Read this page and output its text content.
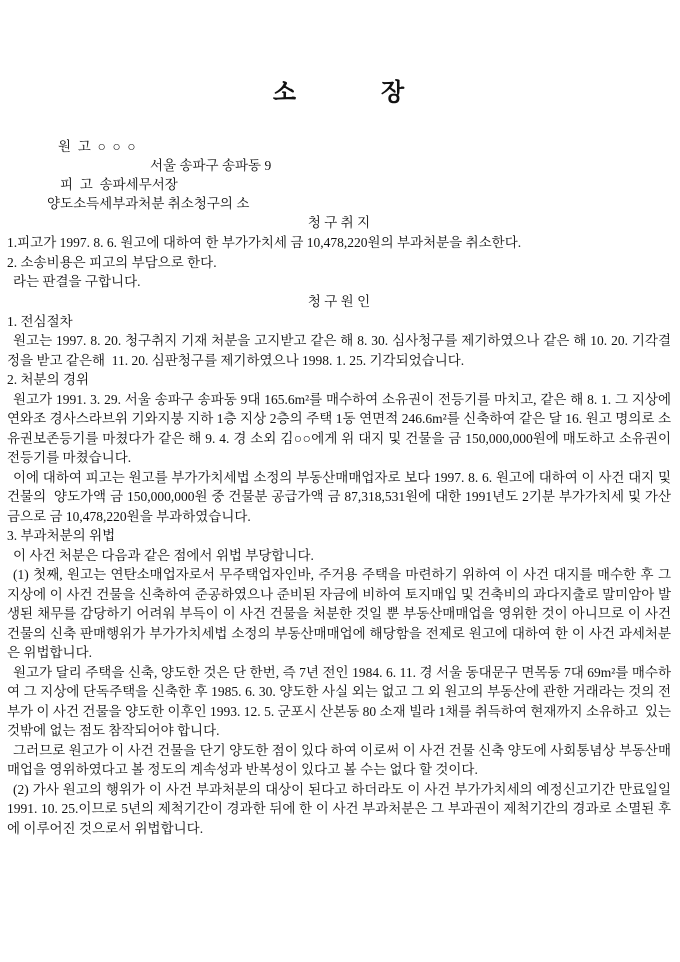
소            장

원  고  ○  ○  ○

서울 송파구 송파동 9

피  고  송파세무서장

양도소득세부과처분 취소청구의 소

청 구 취 지

1.피고가 1997. 8. 6. 원고에 대하여 한 부가가치세 금 10,478,220원의 부과처분을 취소한다.

2. 소송비용은 피고의 부담으로 한다.

라는 판결을 구합니다.

청 구 원 인

1. 전심절차

원고는 1997. 8. 20. 청구취지 기재 처분을 고지받고 같은 해 8. 30. 심사청구를 제기하였으나 같은 해 10. 20. 기각결정을 받고 같은해  11. 20. 심판청구를 제기하였으나 1998. 1. 25. 기각되었습니다.

2. 처분의 경위

원고가 1991. 3. 29. 서울 송파구 송파동 9대 165.6m²를 매수하여 소유권이 전등기를 마치고, 같은 해 8. 1. 그 지상에 연와조 경사스라브위 기와지붕 지하 1층 지상 2층의 주택 1동 연면적 246.6m²를 신축하여 같은 달 16. 원고 명의로 소유권보존등기를 마쳤다가 같은 해 9. 4. 경 소외 김○○에게 위 대지 및 건물을 금 150,000,000원에 매도하고 소유권이전등기를 마쳤습니다.

이에 대하여 피고는 원고를 부가가치세법 소정의 부동산매매업자로 보다 1997. 8. 6. 원고에 대하여 이 사건 대지 및 건물의  양도가액 금 150,000,000원 중 건물분 공급가액 금 87,318,531원에 대한 1991년도 2기분 부가가치세 및 가산금으로 금 10,478,220원을 부과하였습니다.

3. 부과처분의 위법

이 사건 처분은 다음과 같은 점에서 위법 부당합니다.

(1) 첫째, 원고는 연탄소매업자로서 무주택업자인바, 주거용 주택을 마련하기 위하여 이 사건 대지를 매수한 후 그 지상에 이 사건 건물을 신축하여 준공하였으나 준비된 자금에 비하여 토지매입 및 건축비의 과다지출로 말미암아 발생된 채무를 감당하기 어려워 부득이 이 사건 건물을 처분한 것일 뿐 부동산매매업을 영위한 것이 아니므로 이 사건 건물의 신축 판매행위가 부가가치세법 소정의 부동산매매업에 해당함을 전제로 원고에 대하여 한 이 사건 과세처분은 위법합니다.

원고가 달리 주택을 신축, 양도한 것은 단 한번, 즉 7년 전인 1984. 6. 11. 경 서울 동대문구 면목동 7대 69m²를 매수하여 그 지상에 단독주택을 신축한 후 1985. 6. 30. 양도한 사실 외는 없고 그 외 원고의 부동산에 관한 거래라는 것의 전부가 이 사건 건물을 양도한 이후인 1993. 12. 5. 군포시 산본동 80 소재 빌라 1채를 취득하여 현재까지 소유하고  있는 것밖에 없는 점도 참작되어야 합니다.

그러므로 원고가 이 사건 건물을 단기 양도한 점이 있다 하여 이로써 이 사건 건물 신축 양도에 사회통념상 부동산매매업을 영위하였다고 볼 정도의 계속성과 반복성이 있다고 볼 수는 없다 할 것이다.

(2) 가사 원고의 행위가 이 사건 부과처분의 대상이 된다고 하더라도 이 사건 부가가치세의 예정신고기간 만료일일 1991. 10. 25.이므로 5년의 제척기간이 경과한 뒤에 한 이 사건 부과처분은 그 부과권이 제척기간의 경과로 소멸된 후에 이루어진 것으로서 위법합니다.
